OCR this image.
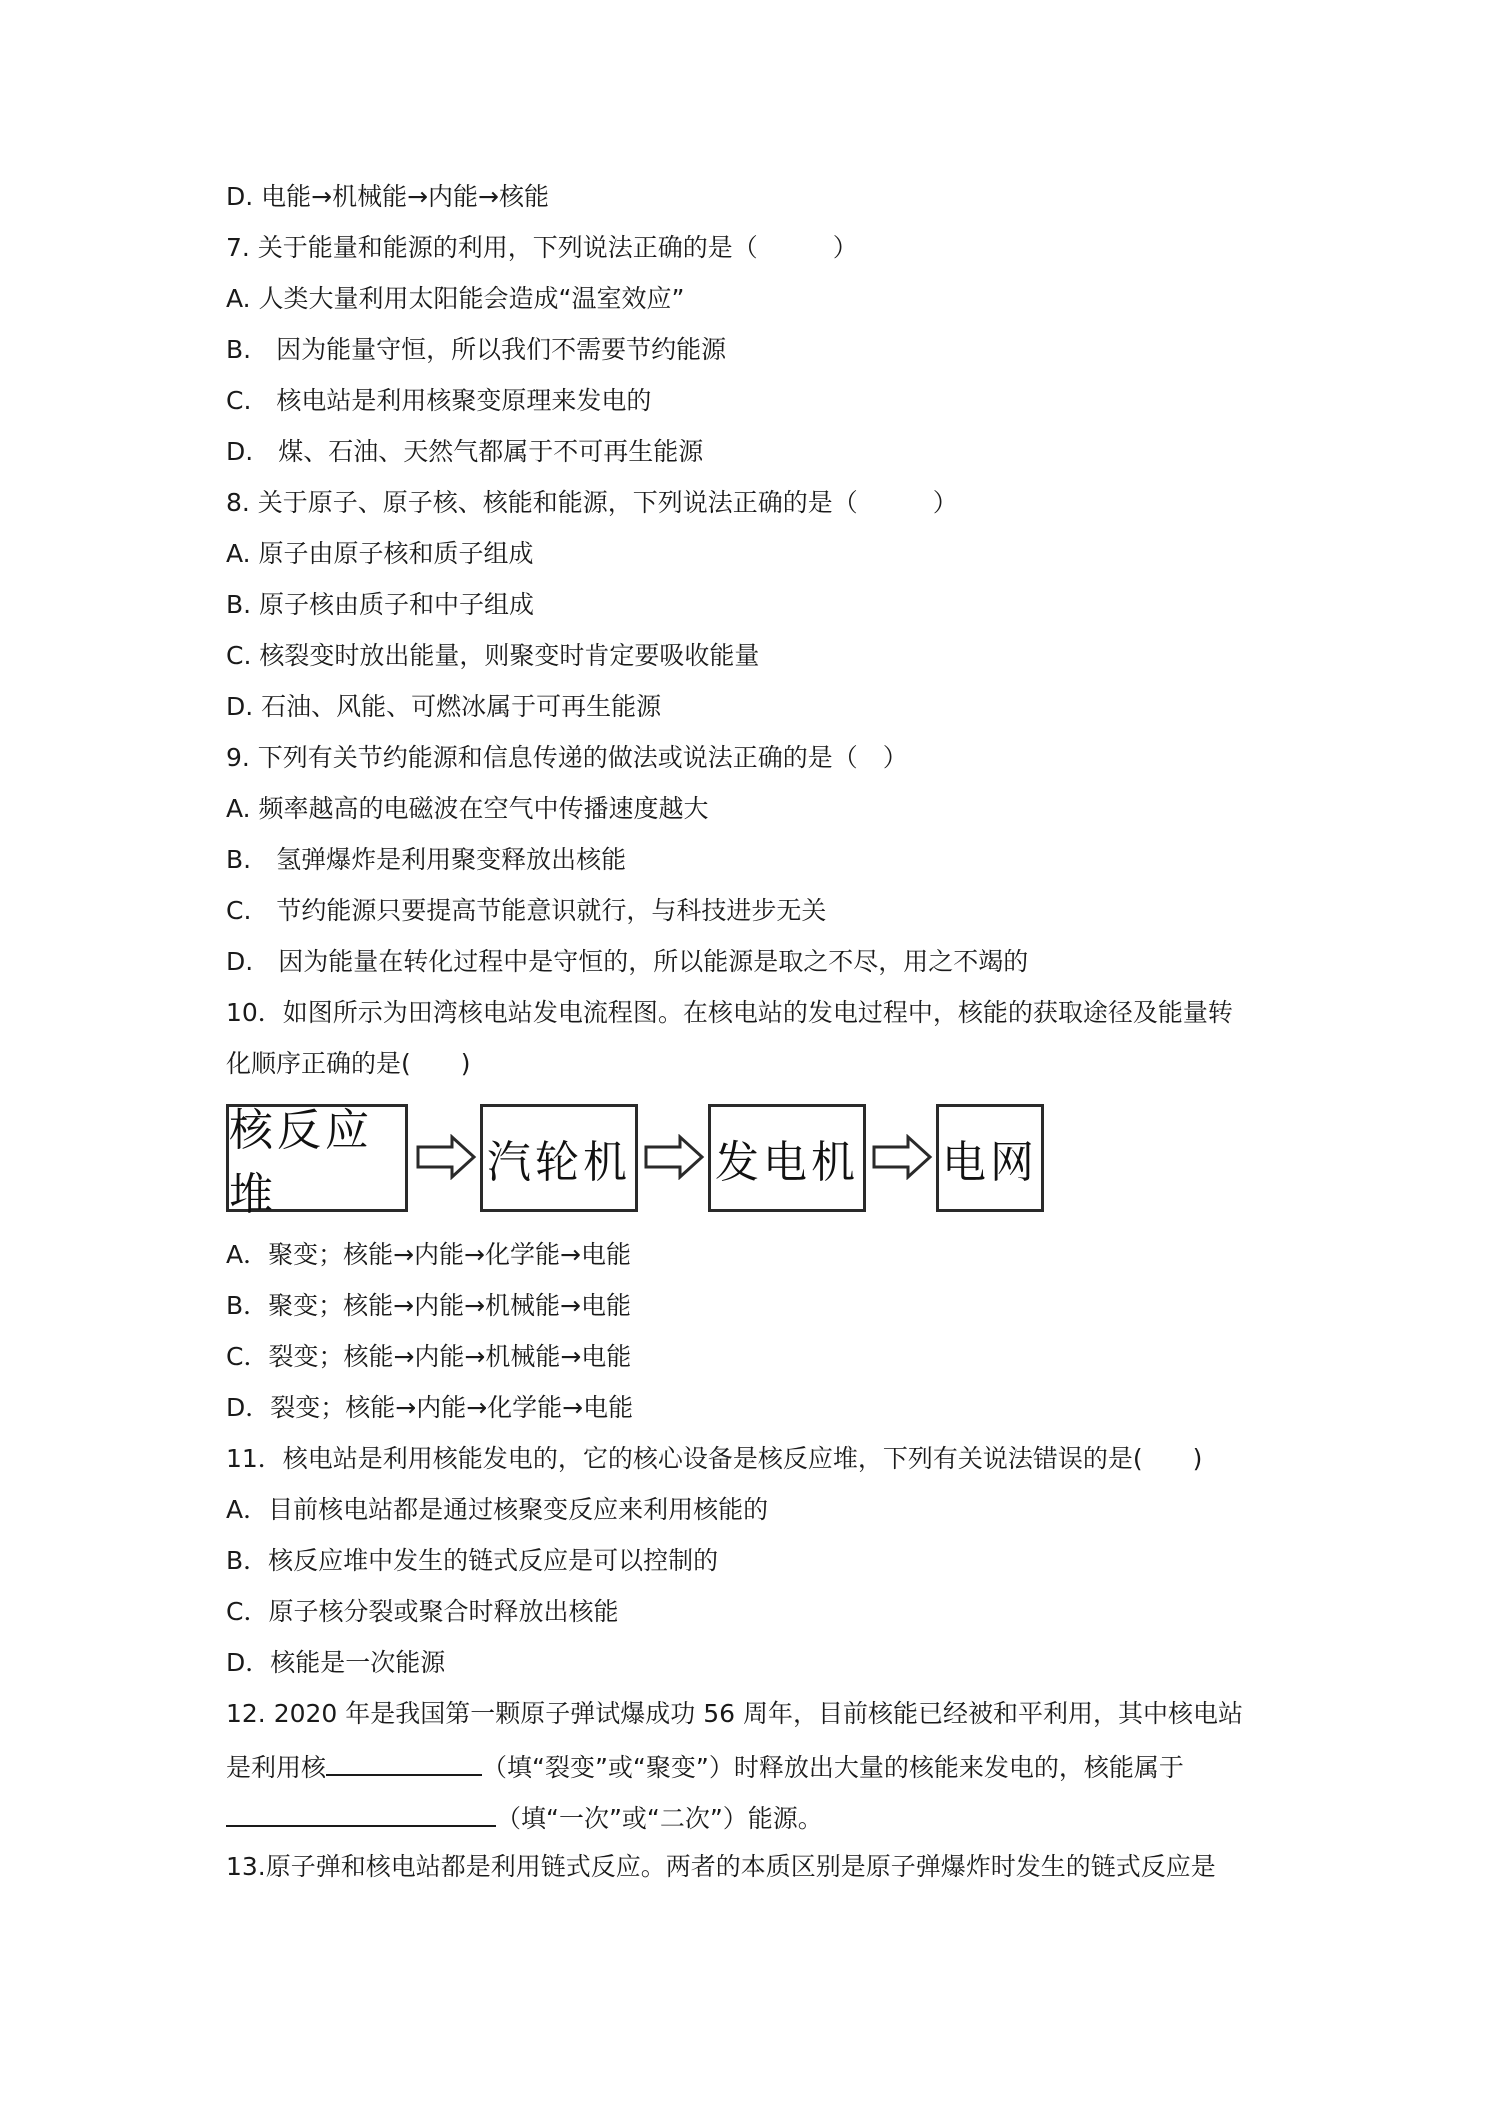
D. 电能→机械能→内能→核能
7. 关于能量和能源的利用，下列说法正确的是（　　　）
A. 人类大量利用太阳能会造成“温室效应”
B.　因为能量守恒，所以我们不需要节约能源
C.　核电站是利用核聚变原理来发电的
D.　煤、石油、天然气都属于不可再生能源
8. 关于原子、原子核、核能和能源，下列说法正确的是（　　　）
A. 原子由原子核和质子组成
B. 原子核由质子和中子组成
C. 核裂变时放出能量，则聚变时肯定要吸收能量
D. 石油、风能、可燃冰属于可再生能源
9. 下列有关节约能源和信息传递的做法或说法正确的是（　）
A. 频率越高的电磁波在空气中传播速度越大
B.　氢弹爆炸是利用聚变释放出核能
C.　节约能源只要提高节能意识就行，与科技进步无关
D.　因为能量在转化过程中是守恒的，所以能源是取之不尽，用之不竭的
10．如图所示为田湾核电站发电流程图。在核电站的发电过程中，核能的获取途径及能量转
化顺序正确的是(　　)
核反应堆
汽轮机 发电机 电网
A．聚变；核能→内能→化学能→电能
B．聚变；核能→内能→机械能→电能
C．裂变；核能→内能→机械能→电能
D．裂变；核能→内能→化学能→电能
11．核电站是利用核能发电的，它的核心设备是核反应堆，下列有关说法错误的是(　　)
A．目前核电站都是通过核聚变反应来利用核能的
B．核反应堆中发生的链式反应是可以控制的
C．原子核分裂或聚合时释放出核能
D．核能是一次能源
12. 2020 年是我国第一颗原子弹试爆成功 56 周年，目前核能已经被和平利用，其中核电站
是利用核	（填“裂变”或“聚变”）时释放出大量的核能来发电的，核能属于
（填“一次”或“二次”）能源。
13.原子弹和核电站都是利用链式反应。两者的本质区别是原子弹爆炸时发生的链式反应是
